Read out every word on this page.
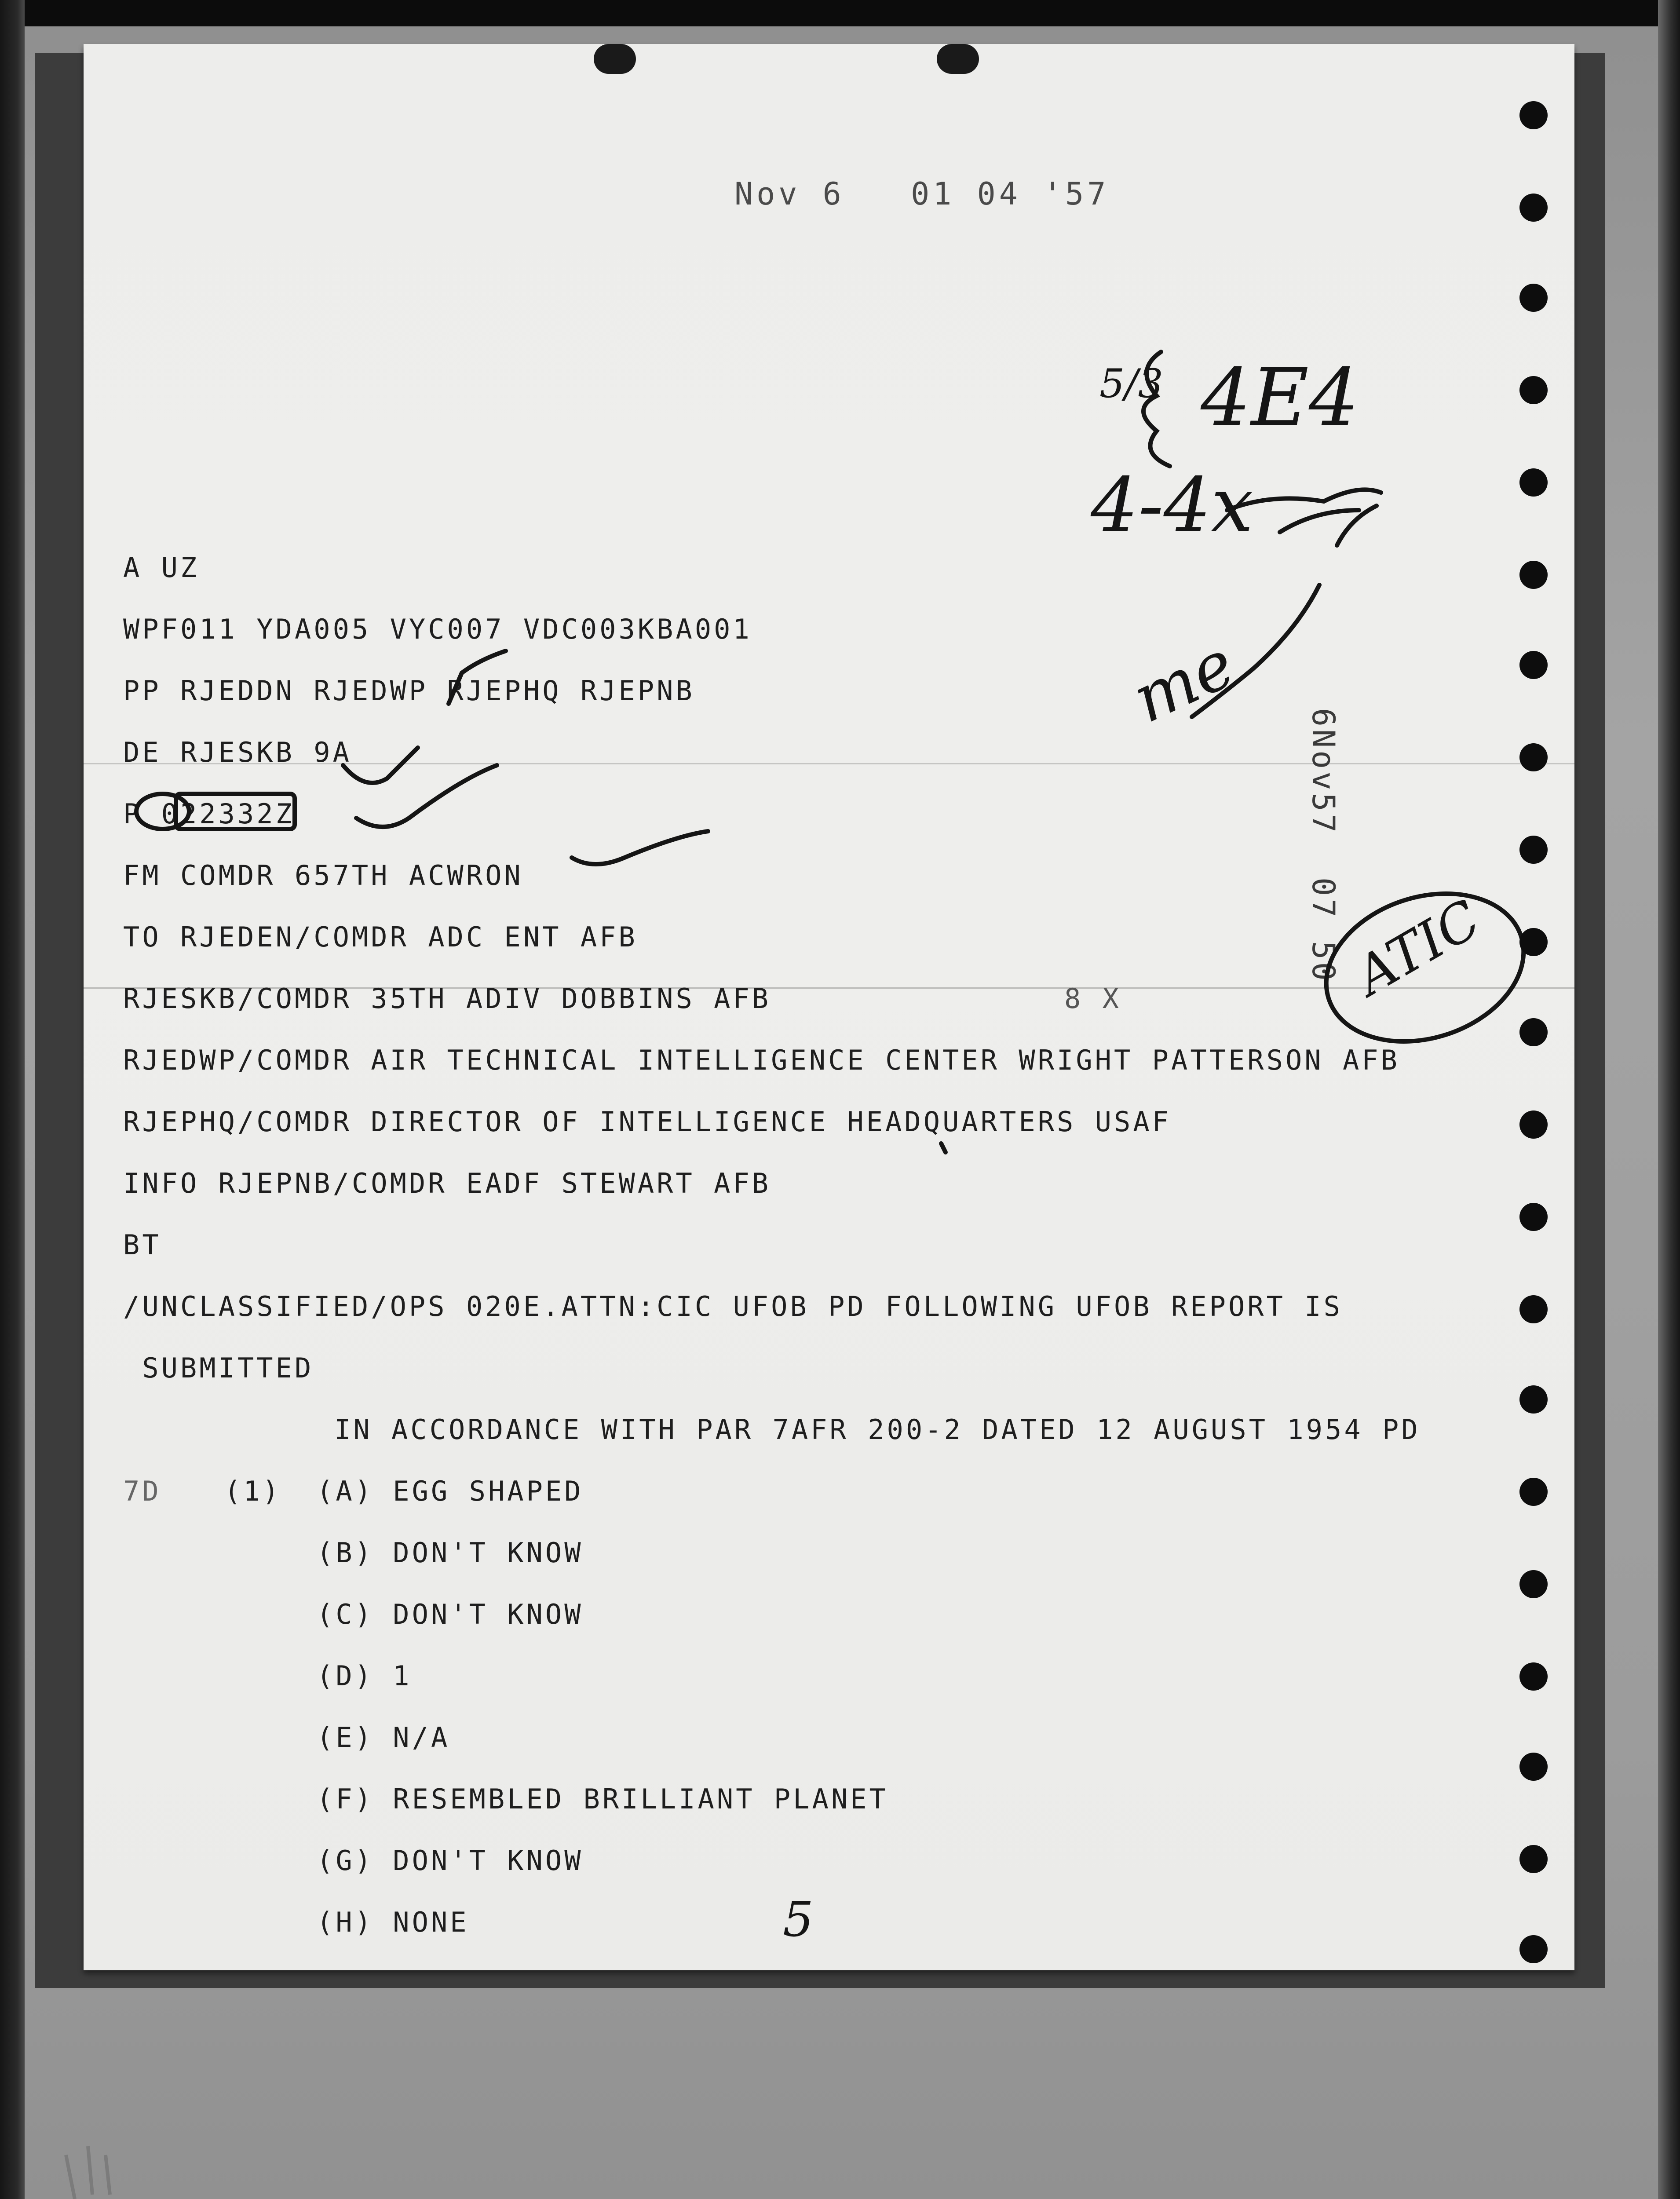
Nov 6   01 04 '57
6Nov57  07 50
A UZ
WPF011 YDA005 VYC007 VDC003KBA001
PP RJEDDN RJEDWP RJEPHQ RJEPNB
DE RJESKB 9A
P 022332Z
FM COMDR 657TH ACWRON
TO RJEDEN/COMDR ADC ENT AFB
RJESKB/COMDR 35TH ADIV DOBBINS AFB
RJEDWP/COMDR AIR TECHNICAL INTELLIGENCE CENTER WRIGHT PATTERSON AFB
RJEPHQ/COMDR DIRECTOR OF INTELLIGENCE HEADQUARTERS USAF
INFO RJEPNB/COMDR EADF STEWART AFB
BT
/UNCLASSIFIED/OPS 020E.ATTN:CIC UFOB PD FOLLOWING UFOB REPORT IS
SUBMITTED
8 X
IN ACCORDANCE WITH PAR 7AFR 200-2 DATED 12 AUGUST 1954 PD
7D (1) (A) EGG SHAPED
(B) DON'T KNOW
(C) DON'T KNOW
(D) 1
(E) N/A
(F) RESEMBLED BRILLIANT PLANET
(G) DON'T KNOW
(H) NONE
4E4
5/3
4-4x
me
ATIC
5
